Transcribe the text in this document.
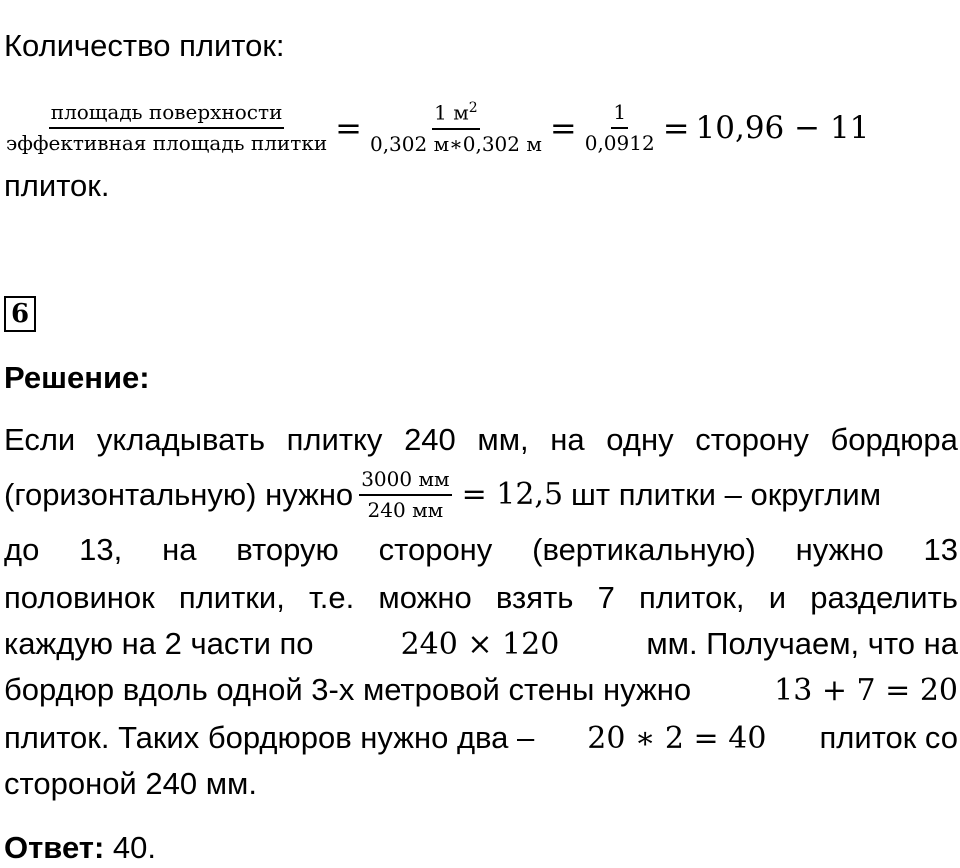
Количество плиток:
$\frac{\text{площадь поверхности}}{\text{эффективная площадь плитки}} = \frac{1 м^2}{0,302 м∗0,302 м} = \frac{1}{0,0912} = 10,96 - 11$
плиток.
6
Решение:
Если укладывать плитку 240 мм, на одну сторону бордюра
(горизонтальную) нужно $\frac{3000 мм}{240 мм} = 12,5$ шт плитки – округлим
до 13, на вторую сторону (вертикальную) нужно 13
половинок плитки, т.е. можно взять 7 плиток, и разделить
каждую на 2 части по	240 × 120	мм. Получаем, что на
бордюр вдоль одной 3-х метровой стены нужно	13 + 7 = 20
плиток. Таких бордюров нужно два – 20 ∗ 2 = 40 плиток со
стороной 240 мм.
Ответ: 40.
